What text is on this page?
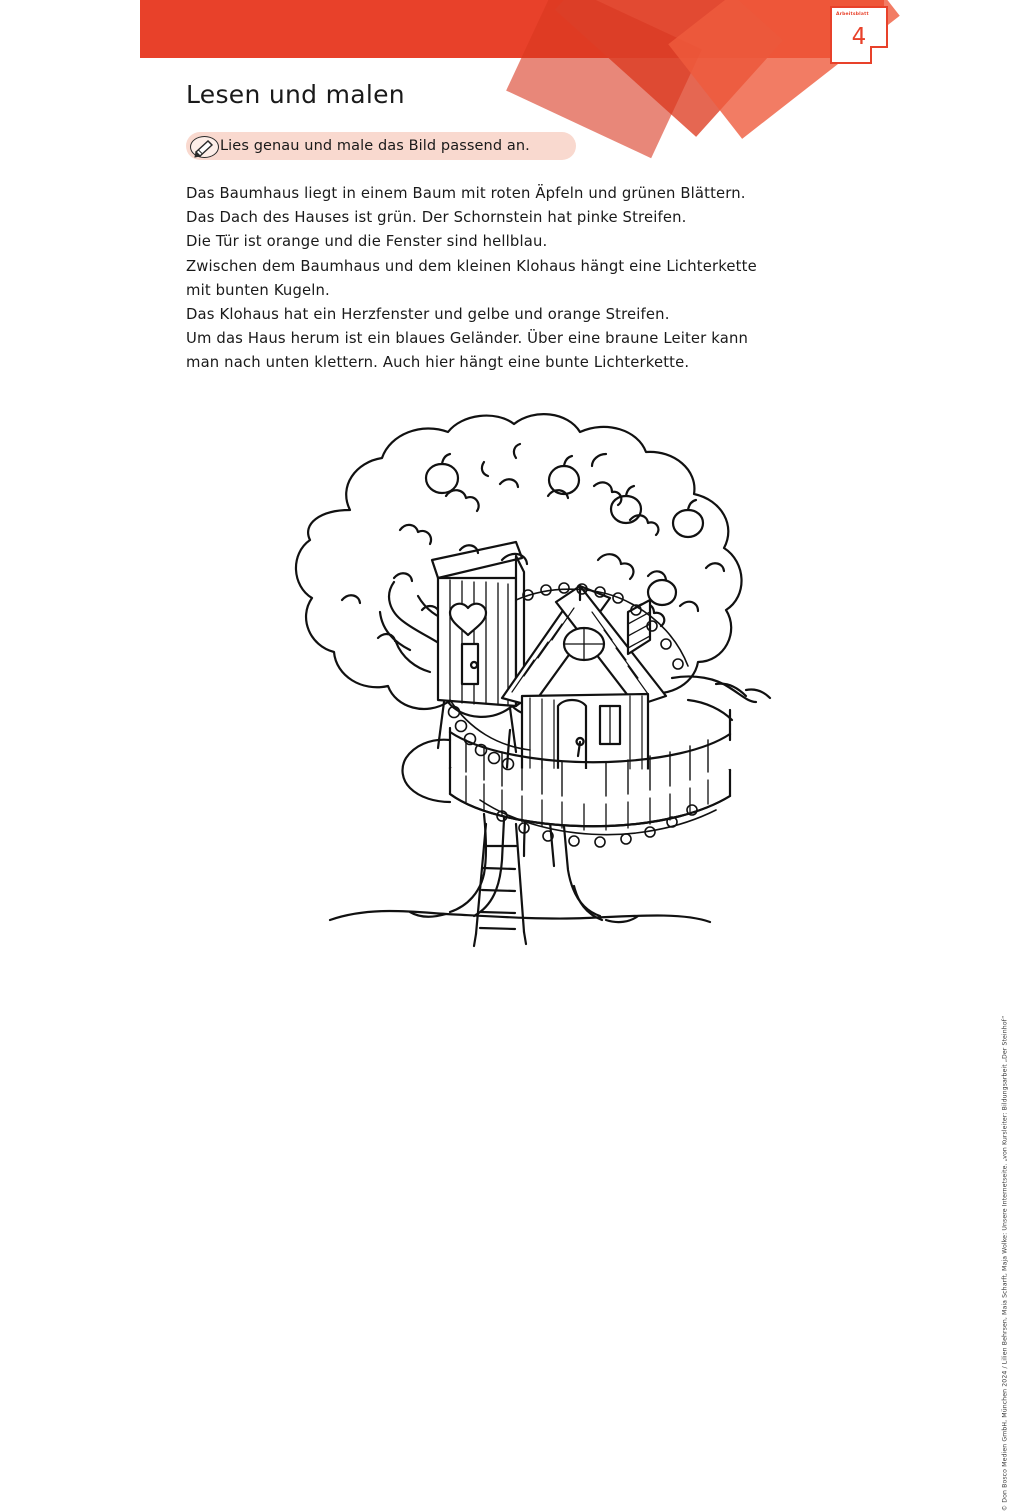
Arbeitsblatt
4
Lesen und malen
Lies genau und male das Bild passend an.

Das Baumhaus liegt in einem Baum mit roten Äpfeln und grünen Blättern.

Das Dach des Hauses ist grün. Der Schornstein hat pinke Streifen.

Die Tür ist orange und die Fenster sind hellblau.

Zwischen dem Baumhaus und dem kleinen Klohaus hängt eine Lichterkette

mit bunten Kugeln.

Das Klohaus hat ein Herzfenster und gelbe und orange Streifen.

Um das Haus herum ist ein blaues Geländer. Über eine braune Leiter kann

man nach unten klettern. Auch hier hängt eine bunte Lichterkette.

© Don Bosco Medien GmbH, München 2024 / Lilien Behrsen, Maia Scharft, Maja Wolke: Unsere Internetseite. „von Kursleiter: Bildungsarbeit „Der Steinhof“
